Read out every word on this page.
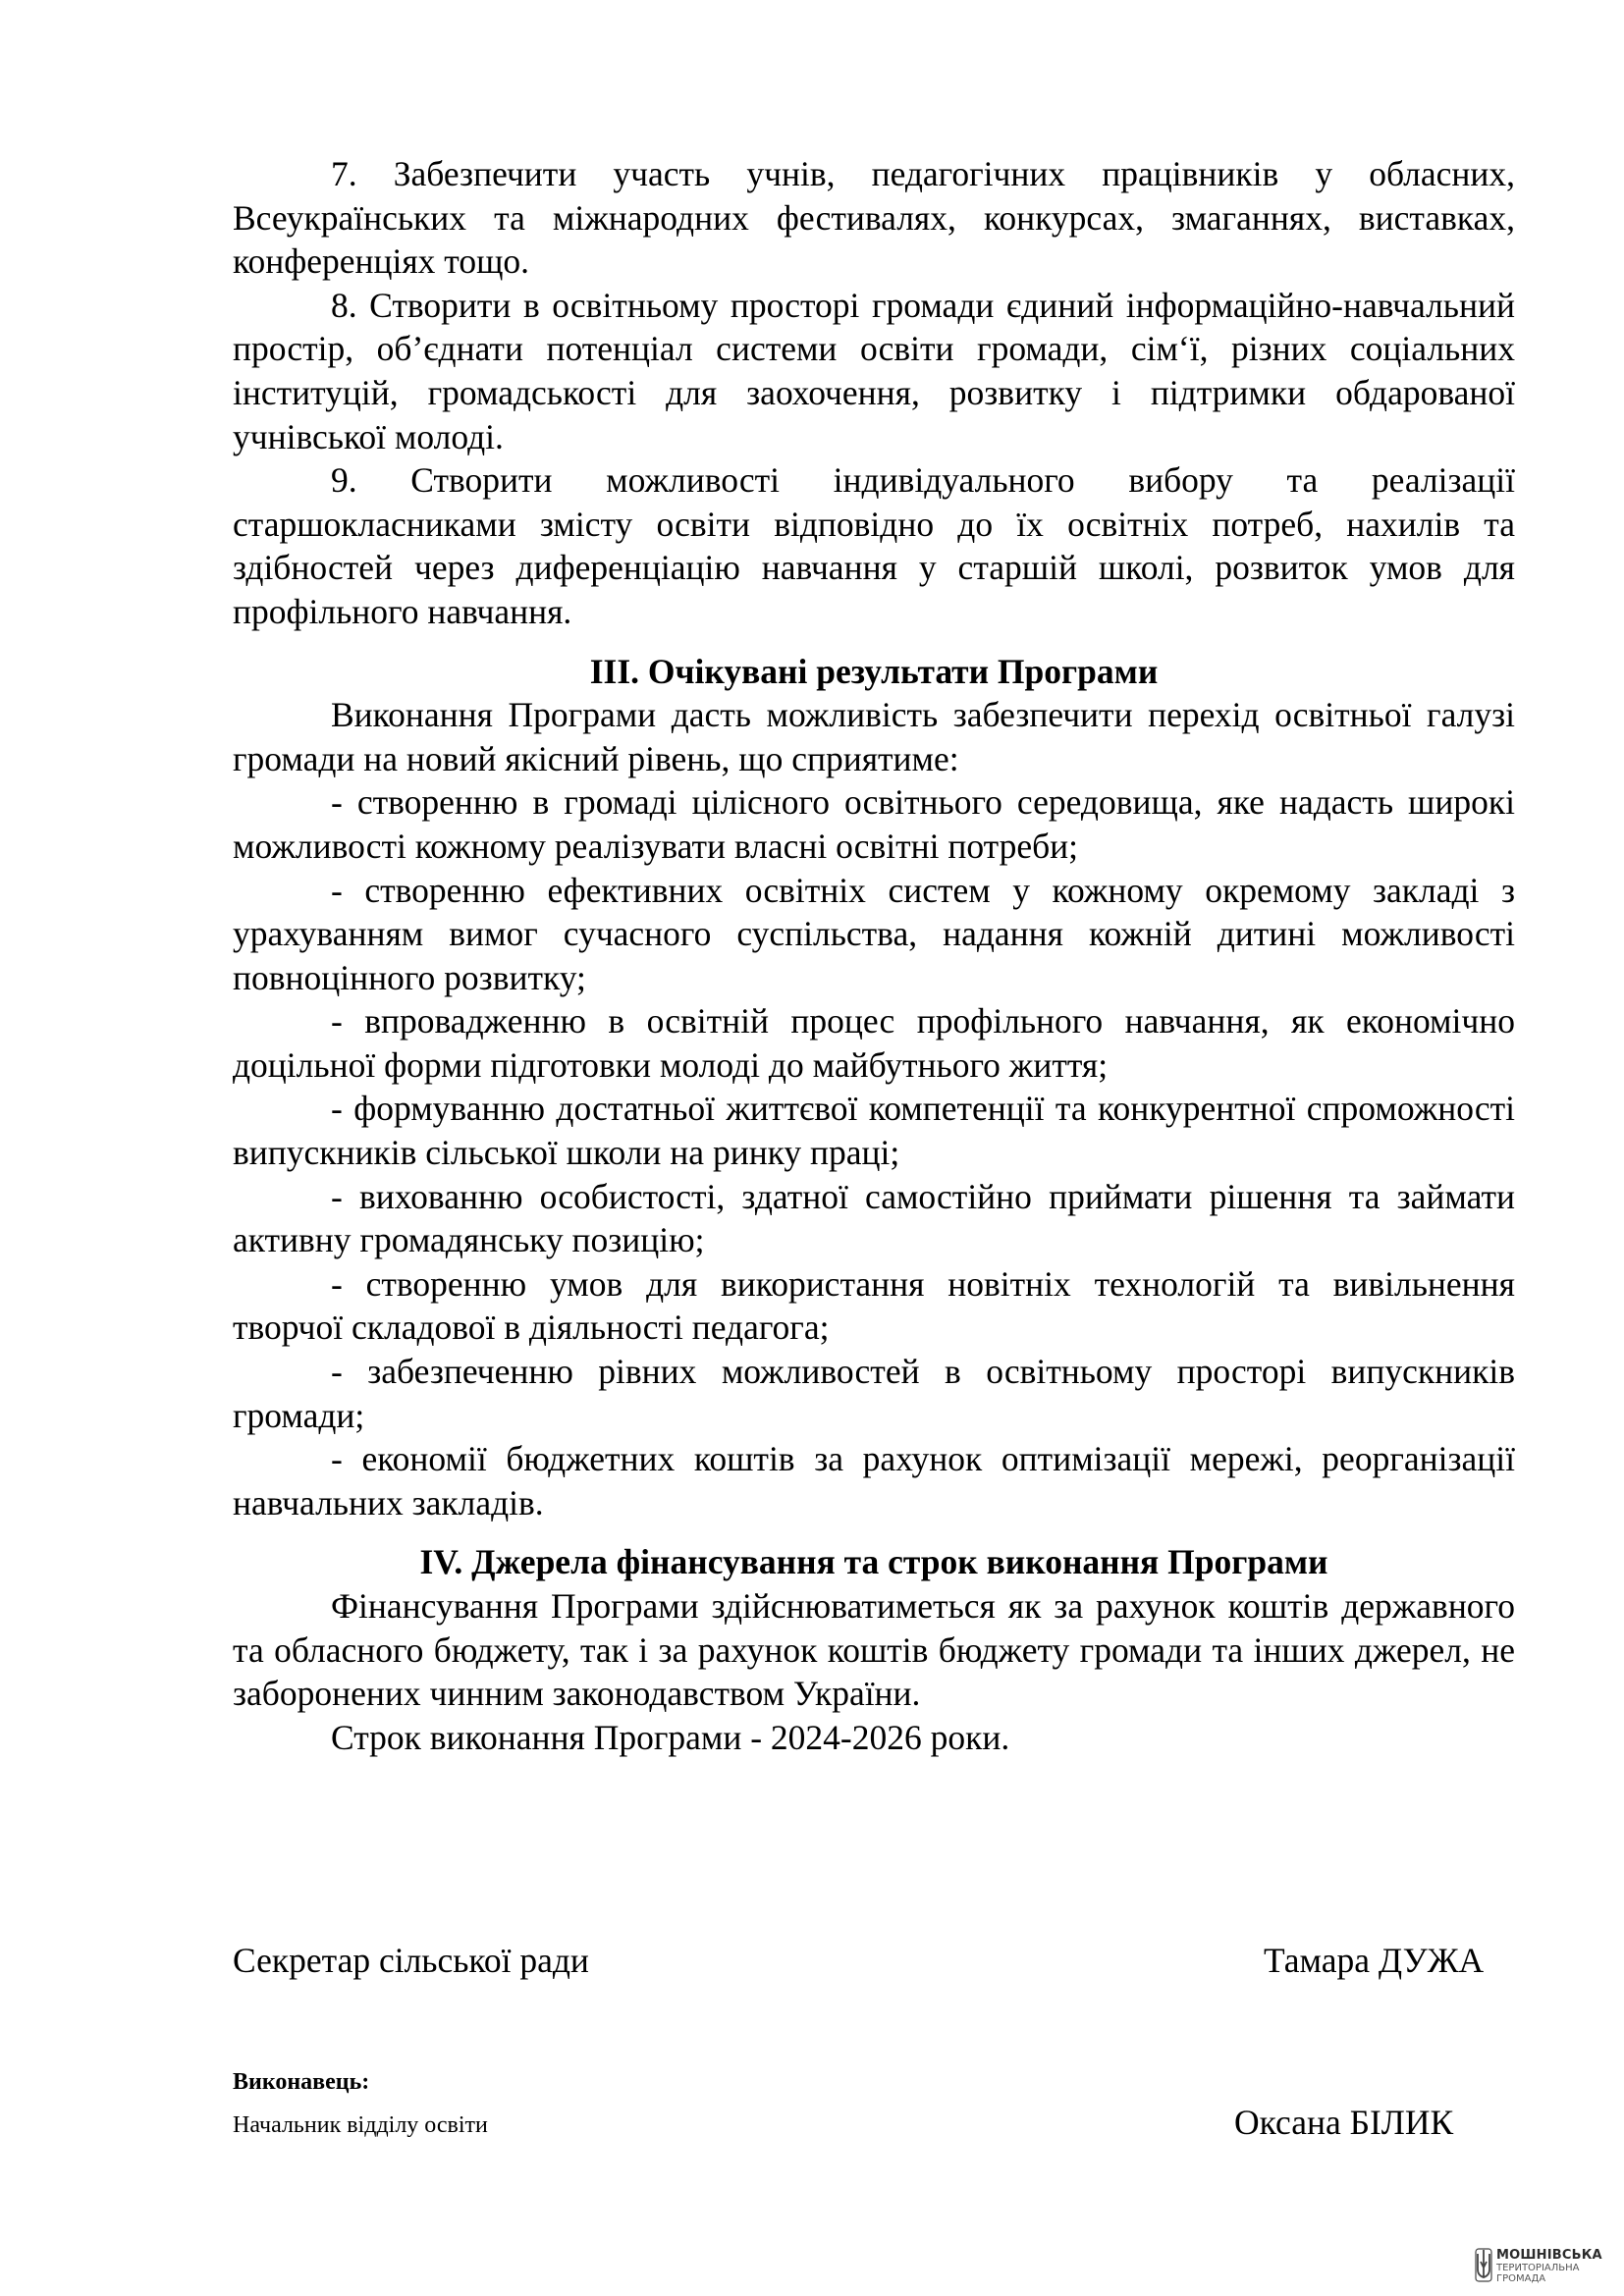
7. Забезпечити участь учнів, педагогічних працівників у обласних, Всеукраїнських та міжнародних фестивалях, конкурсах, змаганнях, виставках, конференціях тощо.

8. Створити в освітньому просторі громади єдиний інформаційно-навчальний простір, об’єднати потенціал системи освіти громади, сім‘ї, різних соціальних інституцій, громадськості для заохочення, розвитку і підтримки обдарованої учнівської молоді.

9. Створити можливості індивідуального вибору та реалізації старшокласниками змісту освіти відповідно до їх освітніх потреб, нахилів та здібностей через диференціацію навчання у старшій школі, розвиток умов для профільного навчання.

ІІІ. Очікувані результати Програми

Виконання Програми дасть можливість забезпечити перехід освітньої галузі громади на новий якісний рівень, що сприятиме:

- створенню в громаді цілісного освітнього середовища, яке надасть широкі можливості кожному реалізувати власні освітні потреби;

- створенню ефективних освітніх систем у кожному окремому закладі з урахуванням вимог сучасного суспільства, надання кожній дитині можливості повноцінного розвитку;

- впровадженню в освітній процес профільного навчання, як економічно доцільної форми підготовки молоді до майбутнього життя;

- формуванню достатньої життєвої компетенції та конкурентної спроможності випускників сільської школи на ринку праці;

- вихованню особистості, здатної самостійно приймати рішення та займати активну громадянську позицію;

- створенню умов для використання новітніх технологій та вивільнення творчої складової в діяльності педагога;

- забезпеченню рівних можливостей в освітньому просторі випускників громади;

- економії бюджетних коштів за рахунок оптимізації мережі, реорганізації навчальних закладів.

IV. Джерела фінансування та строк виконання Програми

Фінансування Програми здійснюватиметься як за рахунок коштів державного та обласного бюджету, так і за рахунок коштів бюджету громади та інших джерел, не заборонених чинним законодавством України.

Строк виконання Програми - 2024-2026 роки.

Секретар сільської ради	Тамара ДУЖА
Виконавець:
Начальник відділу освіти	Оксана БІЛИК
МОШНІВСЬКА
ТЕРИТОРІАЛЬНА
ГРОМАДА
